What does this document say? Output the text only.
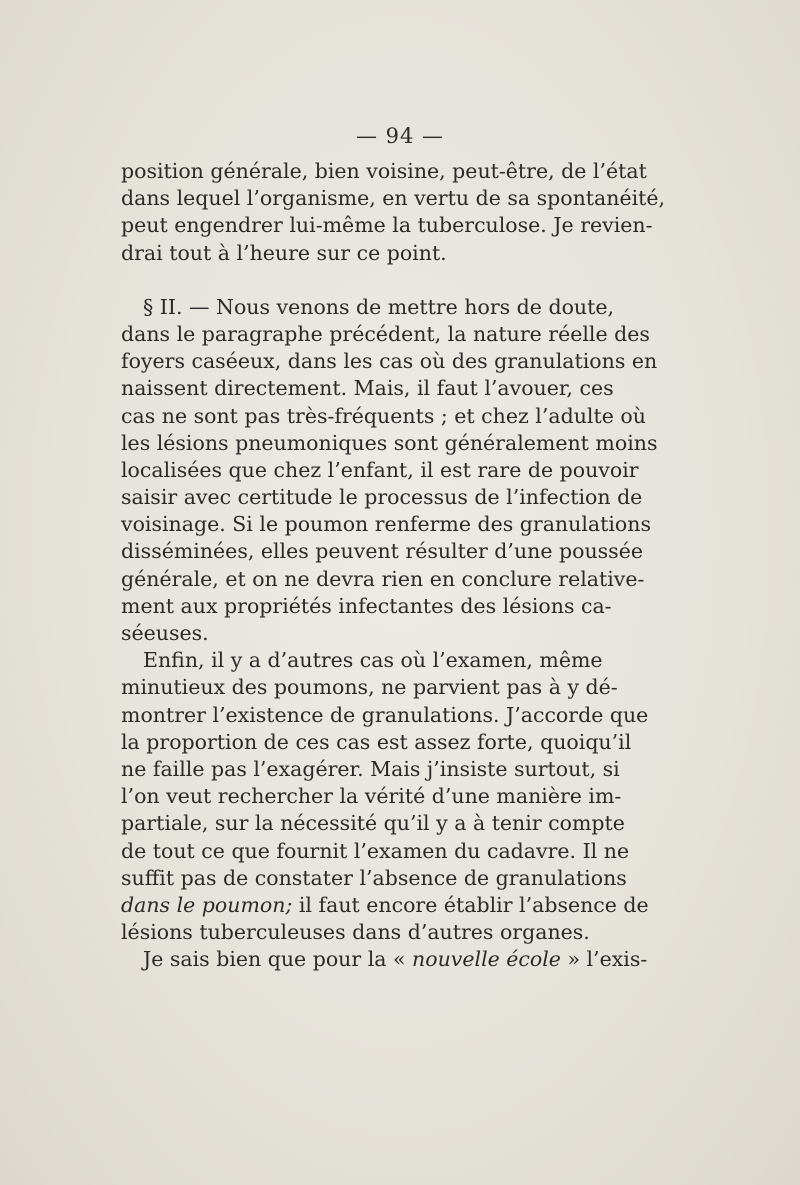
— 94 —
position générale, bien voisine, peut-être, de l’état
dans lequel l’organisme, en vertu de sa spontanéité,
peut engendrer lui-même la tuberculose. Je revien-
drai tout à l’heure sur ce point.
§ II. — Nous venons de mettre hors de doute,
dans le paragraphe précédent, la nature réelle des
foyers caséeux, dans les cas où des granulations en
naissent directement. Mais, il faut l’avouer, ces
cas ne sont pas très-fréquents ; et chez l’adulte où
les lésions pneumoniques sont généralement moins
localisées que chez l’enfant, il est rare de pouvoir
saisir avec certitude le processus de l’infection de
voisinage. Si le poumon renferme des granulations
disséminées, elles peuvent résulter d’une poussée
générale, et on ne devra rien en conclure relative-
ment aux propriétés infectantes des lésions ca-
séeuses.
Enfin, il y a d’autres cas où l’examen, même
minutieux des poumons, ne parvient pas à y dé-
montrer l’existence de granulations. J’accorde que
la proportion de ces cas est assez forte, quoiqu’il
ne faille pas l’exagérer. Mais j’insiste surtout, si
l’on veut rechercher la vérité d’une manière im-
partiale, sur la nécessité qu’il y a à tenir compte
de tout ce que fournit l’examen du cadavre. Il ne
suffit pas de constater l’absence de granulations
dans le poumon; il faut encore établir l’absence de
lésions tuberculeuses dans d’autres organes.
Je sais bien que pour la « nouvelle école » l’exis-
